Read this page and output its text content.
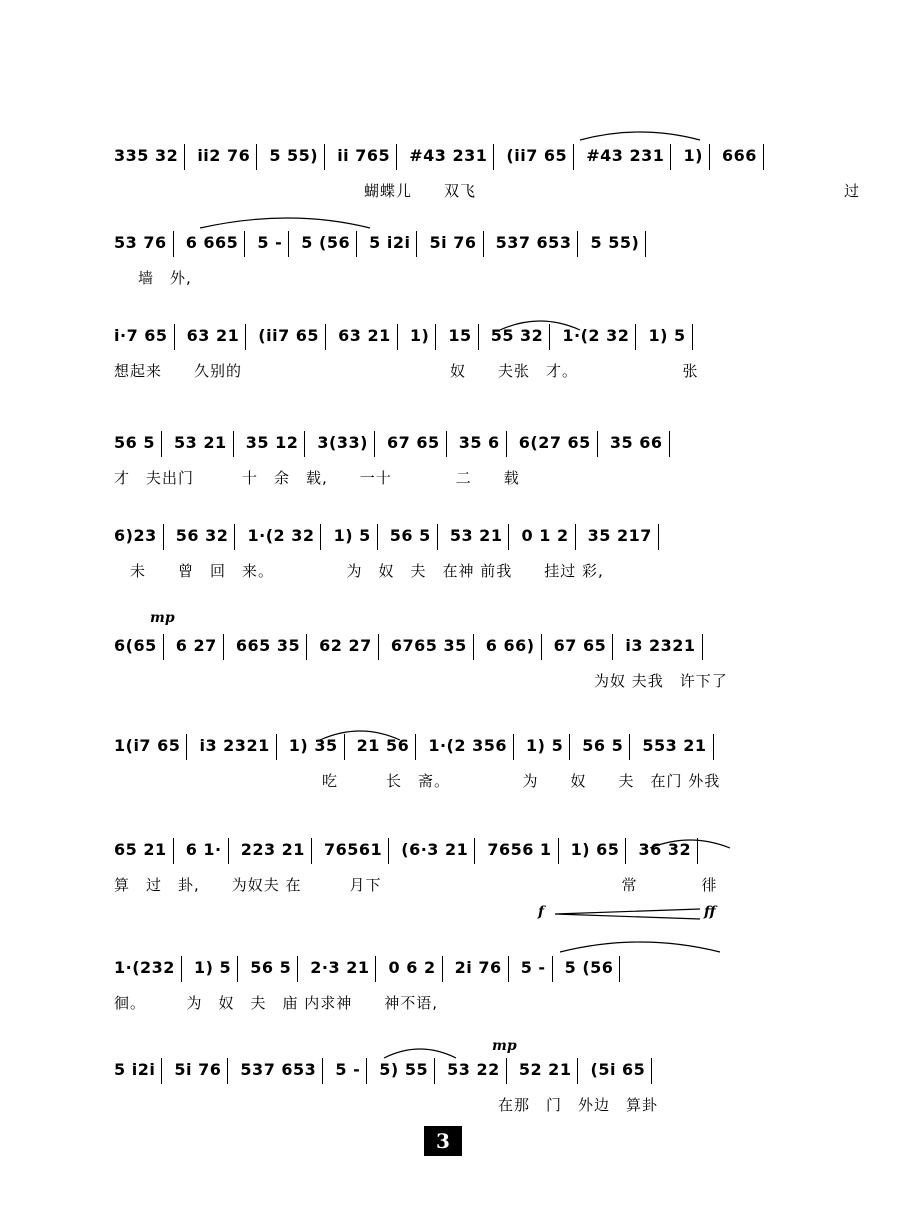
335 32 ii2 76 5 55) ii 765 #43 231 (ii7 65 #43 231 1) 666
蝴蝶儿　　双飞　　　　　　　　　　　　　　　　　　　　　　　过
53 76 6 665 5 - 5 (56 5 i2i 5i 76 537 653 5 55)
墙　外,
i·7 65 63 21 (ii7 65 63 21 1) 15 55 32 1·(2 32 1) 5
想起来　　久别的　　　　　　　　　　　　　奴　　夫张　才。　　　　　　　张
56 5 53 21 35 12 3(33) 67 65 35 6 6(27 65 35 66
才　夫出门　　　十　余　载,　　一十　　　　二　　载
6)23 56 32 1·(2 32 1) 5 56 5 53 21 0 1 2 35 217
　未　　曾　回　来。　　　　　为　奴　夫　在神 前我　　挂过 彩,
mp
6(65 6 27 665 35 62 27 6765 35 6 66) 67 65 i3 2321
　　　　　　　　　　　　　　　　　　　　　　　　　　　　　　为奴 夫我　许下了
1(i7 65 i3 2321 1) 35 21 56 1·(2 356 1) 5 56 5 553 21
　　　　　　　　　　　　　吃　　　长　斋。　　　　　为　　奴　　夫　在门 外我
65 21 6 1· 223 21 76561 (6·3 21 7656 1 1) 65 36 32
算　过　卦,　　为奴夫 在　　　月下　　　　　　　　　　　　　　　常　　　　徘
f	ff
1·(232 1) 5 56 5 2·3 21 0 6 2 2i 76 5 - 5 (56
徊。　　　为　奴　夫　庙 内求神　　神不语,
mp
5 i2i 5i 76 537 653 5 - 5) 55 53 22 52 21 (5i 65
　　　　　　　　　　　　　　　　　　　　　　　　在那　门　外边　算卦
3
